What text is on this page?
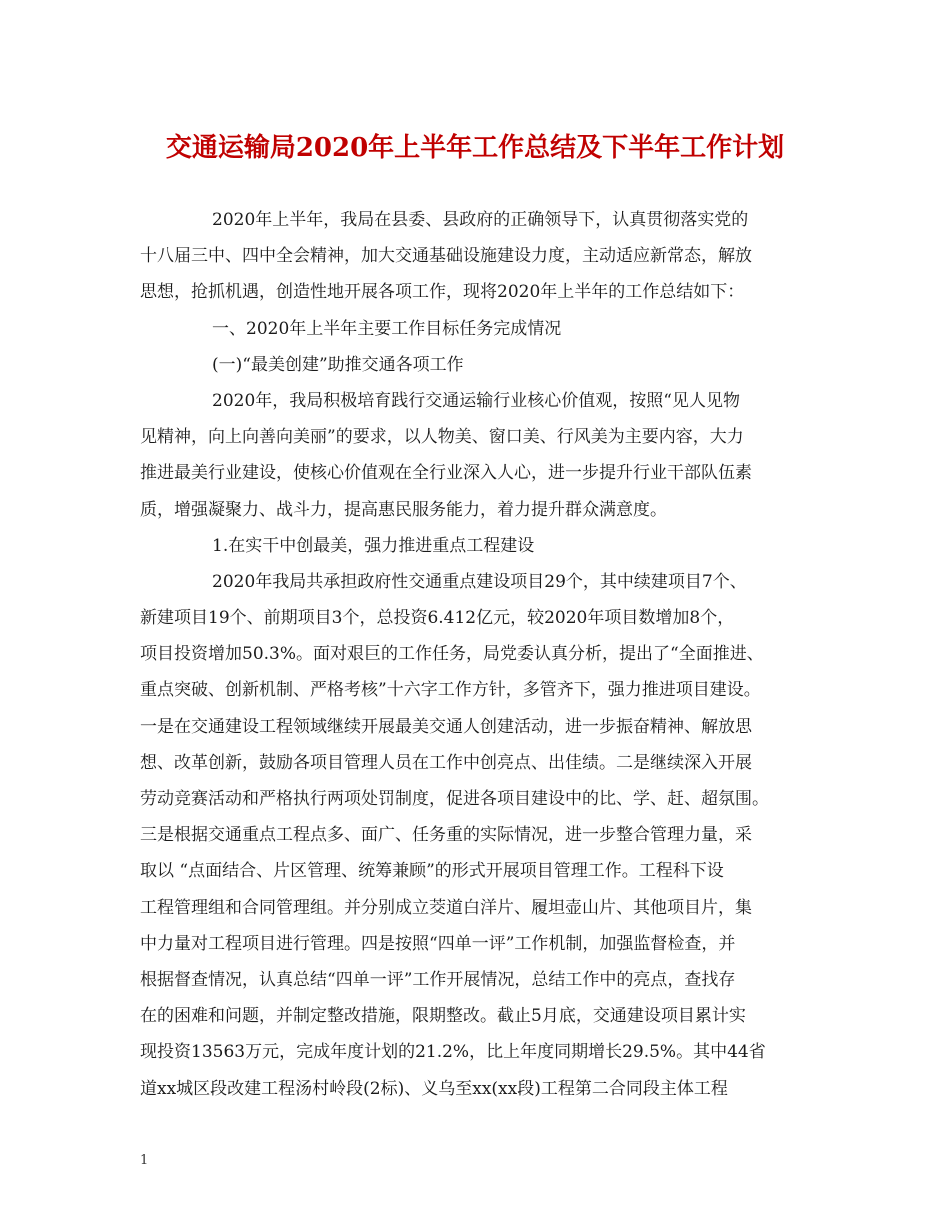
交通运输局2020年上半年工作总结及下半年工作计划
2020年上半年，我局在县委、县政府的正确领导下，认真贯彻落实党的
十八届三中、四中全会精神，加大交通基础设施建设力度，主动适应新常态，解放
思想，抢抓机遇，创造性地开展各项工作，现将2020年上半年的工作总结如下：
一、2020年上半年主要工作目标任务完成情况
(一)“最美创建”助推交通各项工作
2020年，我局积极培育践行交通运输行业核心价值观，按照“见人见物
见精神，向上向善向美丽”的要求，以人物美、窗口美、行风美为主要内容，大力
推进最美行业建设，使核心价值观在全行业深入人心，进一步提升行业干部队伍素
质，增强凝聚力、战斗力，提高惠民服务能力，着力提升群众满意度。
1.在实干中创最美，强力推进重点工程建设
2020年我局共承担政府性交通重点建设项目29个，其中续建项目7个、
新建项目19个、前期项目3个，总投资6.412亿元，较2020年项目数增加8个，
项目投资增加50.3%。面对艰巨的工作任务，局党委认真分析，提出了“全面推进、
重点突破、创新机制、严格考核”十六字工作方针，多管齐下，强力推进项目建设。
一是在交通建设工程领域继续开展最美交通人创建活动，进一步振奋精神、解放思
想、改革创新，鼓励各项目管理人员在工作中创亮点、出佳绩。二是继续深入开展
劳动竞赛活动和严格执行两项处罚制度，促进各项目建设中的比、学、赶、超氛围。
三是根据交通重点工程点多、面广、任务重的实际情况，进一步整合管理力量，采
取以 “点面结合、片区管理、统筹兼顾”的形式开展项目管理工作。工程科下设
工程管理组和合同管理组。并分别成立茭道白洋片、履坦壶山片、其他项目片，集
中力量对工程项目进行管理。四是按照“四单一评”工作机制，加强监督检查，并
根据督查情况，认真总结“四单一评”工作开展情况，总结工作中的亮点，查找存
在的困难和问题，并制定整改措施，限期整改。截止5月底，交通建设项目累计实
现投资13563万元，完成年度计划的21.2%，比上年度同期增长29.5%。其中44省
道xx城区段改建工程汤村岭段(2标)、义乌至xx(xx段)工程第二合同段主体工程
1
